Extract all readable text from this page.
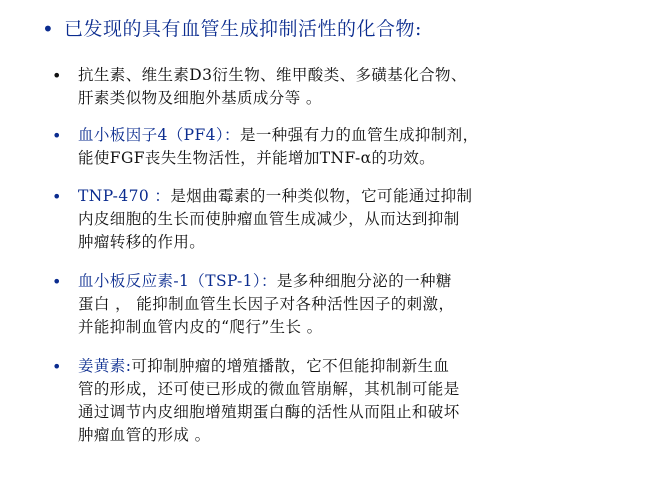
• 已发现的具有血管生成抑制活性的化合物:
•	抗生素、维生素D3衍生物、维甲酸类、多磺基化合物、
肝素类似物及细胞外基质成分等 。
•	血小板因子4（PF4）：是一种强有力的血管生成抑制剂，
能使FGF丧失生物活性，并能增加TNF-α的功效。
•	TNP-470 ：是烟曲霉素的一种类似物，它可能通过抑制
内皮细胞的生长而使肿瘤血管生成减少，从而达到抑制
肿瘤转移的作用。
•	血小板反应素-1（TSP-1）：是多种细胞分泌的一种糖
蛋白 ， 能抑制血管生长因子对各种活性因子的刺激，
并能抑制血管内皮的“爬行”生长 。
•	姜黄素:可抑制肿瘤的增殖播散，它不但能抑制新生血
管的形成，还可使已形成的微血管崩解，其机制可能是
通过调节内皮细胞增殖期蛋白酶的活性从而阻止和破坏
肿瘤血管的形成 。
